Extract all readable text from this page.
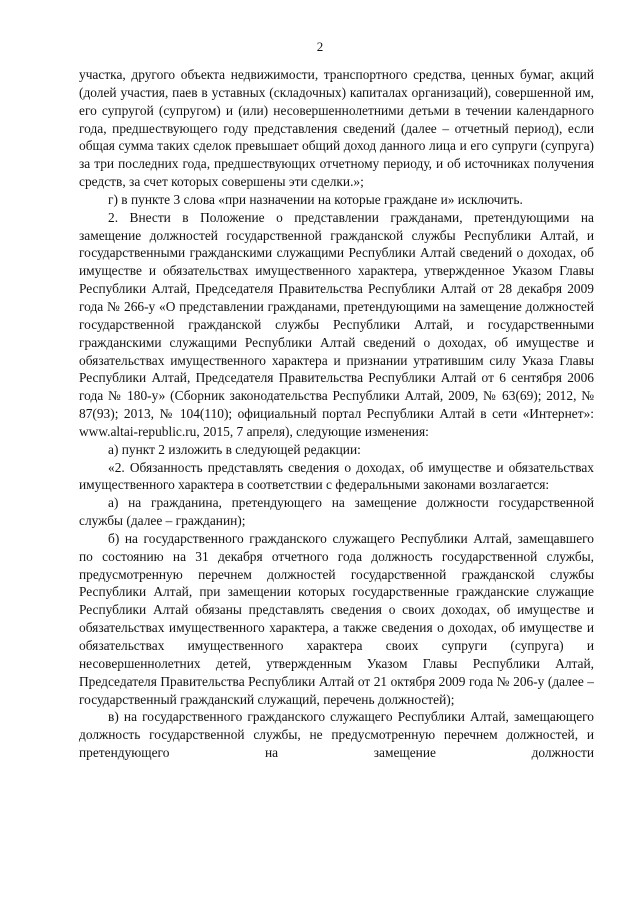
2

участка, другого объекта недвижимости, транспортного средства, ценных бумаг, акций (долей участия, паев в уставных (складочных) капиталах организаций), совершенной им, его супругой (супругом) и (или) несовершеннолетними детьми в течении календарного года, предшествующего году представления сведений (далее – отчетный период), если общая сумма таких сделок превышает общий доход данного лица и его супруги (супруга) за три последних года, предшествующих отчетному периоду, и об источниках получения средств, за счет которых совершены эти сделки.»;

г) в пункте 3 слова «при назначении на которые граждане и» исключить.

2. Внести в Положение о представлении гражданами, претендующими на замещение должностей государственной гражданской службы Республики Алтай, и государственными гражданскими служащими Республики Алтай сведений о доходах, об имуществе и обязательствах имущественного характера, утвержденное Указом Главы Республики Алтай, Председателя Правительства Республики Алтай от 28 декабря 2009 года № 266-у «О представлении гражданами, претендующими на замещение должностей государственной гражданской службы Республики Алтай, и государственными гражданскими служащими Республики Алтай сведений о доходах, об имуществе и обязательствах имущественного характера и признании утратившим силу Указа Главы Республики Алтай, Председателя Правительства Республики Алтай от 6 сентября 2006 года № 180-у» (Сборник законодательства Республики Алтай, 2009, № 63(69); 2012, № 87(93); 2013, № 104(110); официальный портал Республики Алтай в сети «Интернет»: www.altai-republic.ru, 2015, 7 апреля), следующие изменения:

а) пункт 2 изложить в следующей редакции:

«2. Обязанность представлять сведения о доходах, об имуществе и обязательствах имущественного характера в соответствии с федеральными законами возлагается:

а) на гражданина, претендующего на замещение должности государственной службы (далее – гражданин);

б) на государственного гражданского служащего Республики Алтай, замещавшего по состоянию на 31 декабря отчетного года должность государственной службы, предусмотренную перечнем должностей государственной гражданской службы Республики Алтай, при замещении которых государственные гражданские служащие Республики Алтай обязаны представлять сведения о своих доходах, об имуществе и обязательствах имущественного характера, а также сведения о доходах, об имуществе и обязательствах имущественного характера своих супруги (супруга) и несовершеннолетних детей, утвержденным Указом Главы Республики Алтай, Председателя Правительства Республики Алтай от 21 октября 2009 года № 206-у (далее – государственный гражданский служащий, перечень должностей);

в) на государственного гражданского служащего Республики Алтай, замещающего должность государственной службы, не предусмотренную перечнем должностей, и претендующего на замещение должности
